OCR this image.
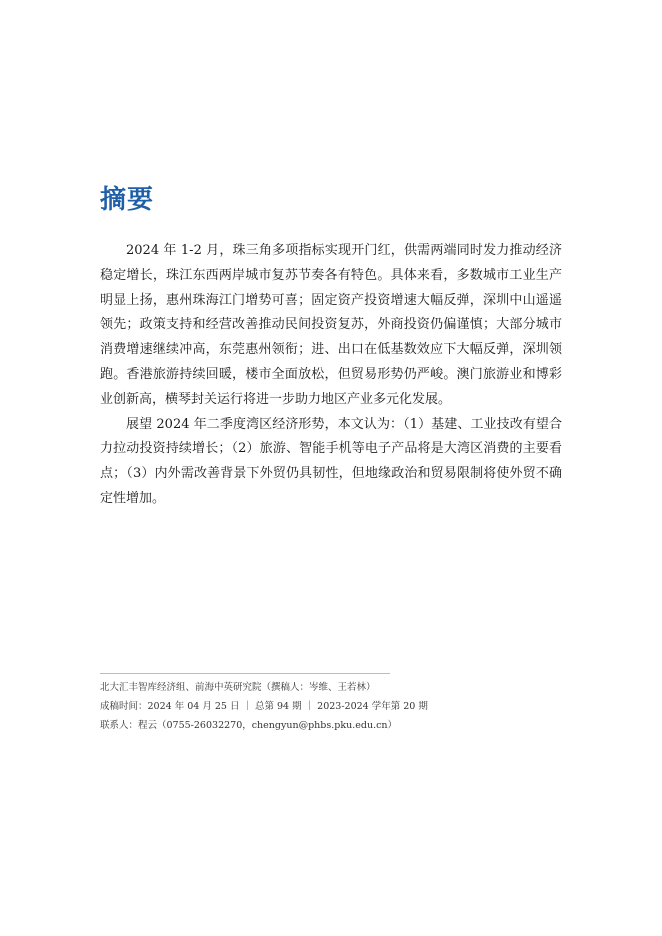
摘要

2024 年 1-2 月，珠三角多项指标实现开门红，供需两端同时发力推动经济稳定增长，珠江东西两岸城市复苏节奏各有特色。具体来看，多数城市工业生产明显上扬，惠州珠海江门增势可喜；固定资产投资增速大幅反弹，深圳中山遥遥领先；政策支持和经营改善推动民间投资复苏，外商投资仍偏谨慎；大部分城市消费增速继续冲高，东莞惠州领衔；进、出口在低基数效应下大幅反弹，深圳领跑。香港旅游持续回暖，楼市全面放松，但贸易形势仍严峻。澳门旅游业和博彩业创新高，横琴封关运行将进一步助力地区产业多元化发展。

展望 2024 年二季度湾区经济形势，本文认为：（1）基建、工业技改有望合力拉动投资持续增长；（2）旅游、智能手机等电子产品将是大湾区消费的主要看点；（3）内外需改善背景下外贸仍具韧性，但地缘政治和贸易限制将使外贸不确定性增加。

北大汇丰智库经济组、前海中英研究院（撰稿人：岑维、王若林）
成稿时间：2024 年 04 月 25 日 ｜ 总第 94 期 ｜ 2023-2024 学年第 20 期
联系人：程云（0755-26032270，chengyun@phbs.pku.edu.cn）
